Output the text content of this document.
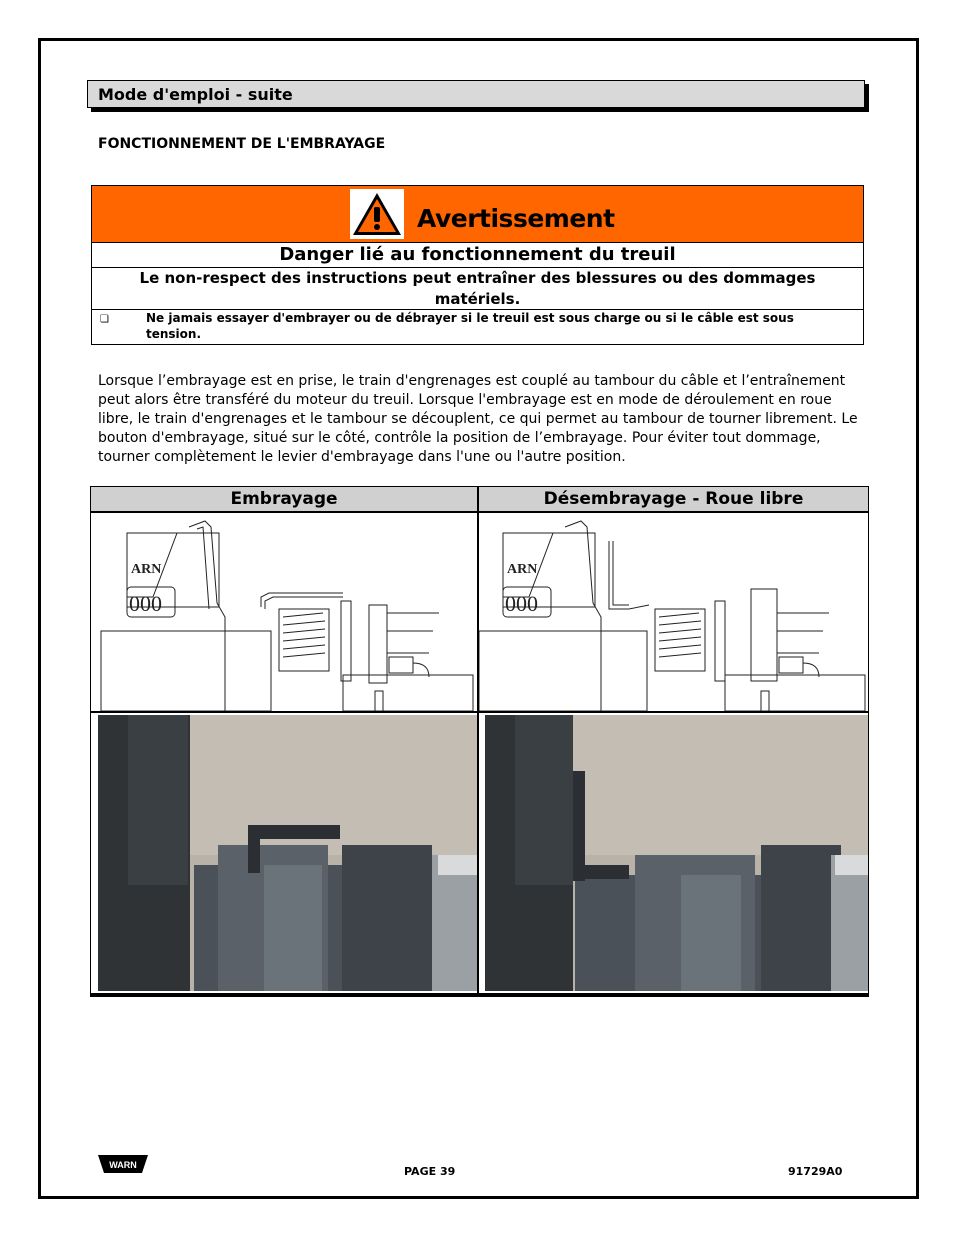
Mode d'emploi - suite
FONCTIONNEMENT DE L'EMBRAYAGE
Avertissement
Danger lié au fonctionnement du treuil
Le non-respect des instructions peut entraîner des blessures ou des dommages matériels.
❏	Ne jamais essayer d'embrayer ou de débrayer si le treuil est sous charge ou si le câble est sous tension.
Lorsque l’embrayage est en prise, le train d'engrenages est couplé au tambour du câble et l’entraînement peut alors être transféré du moteur du treuil. Lorsque l'embrayage est en mode de déroulement en roue libre, le train d'engrenages et le tambour se découplent, ce qui permet au tambour de tourner librement. Le bouton d'embrayage, situé sur le côté, contrôle la position de l’embrayage. Pour éviter tout dommage, tourner complètement le levier d'embrayage dans l'une ou l'autre position.
Embrayage	Désembrayage - Roue libre
ARN
000
ARN
000
WARN	PAGE 39	91729A0
